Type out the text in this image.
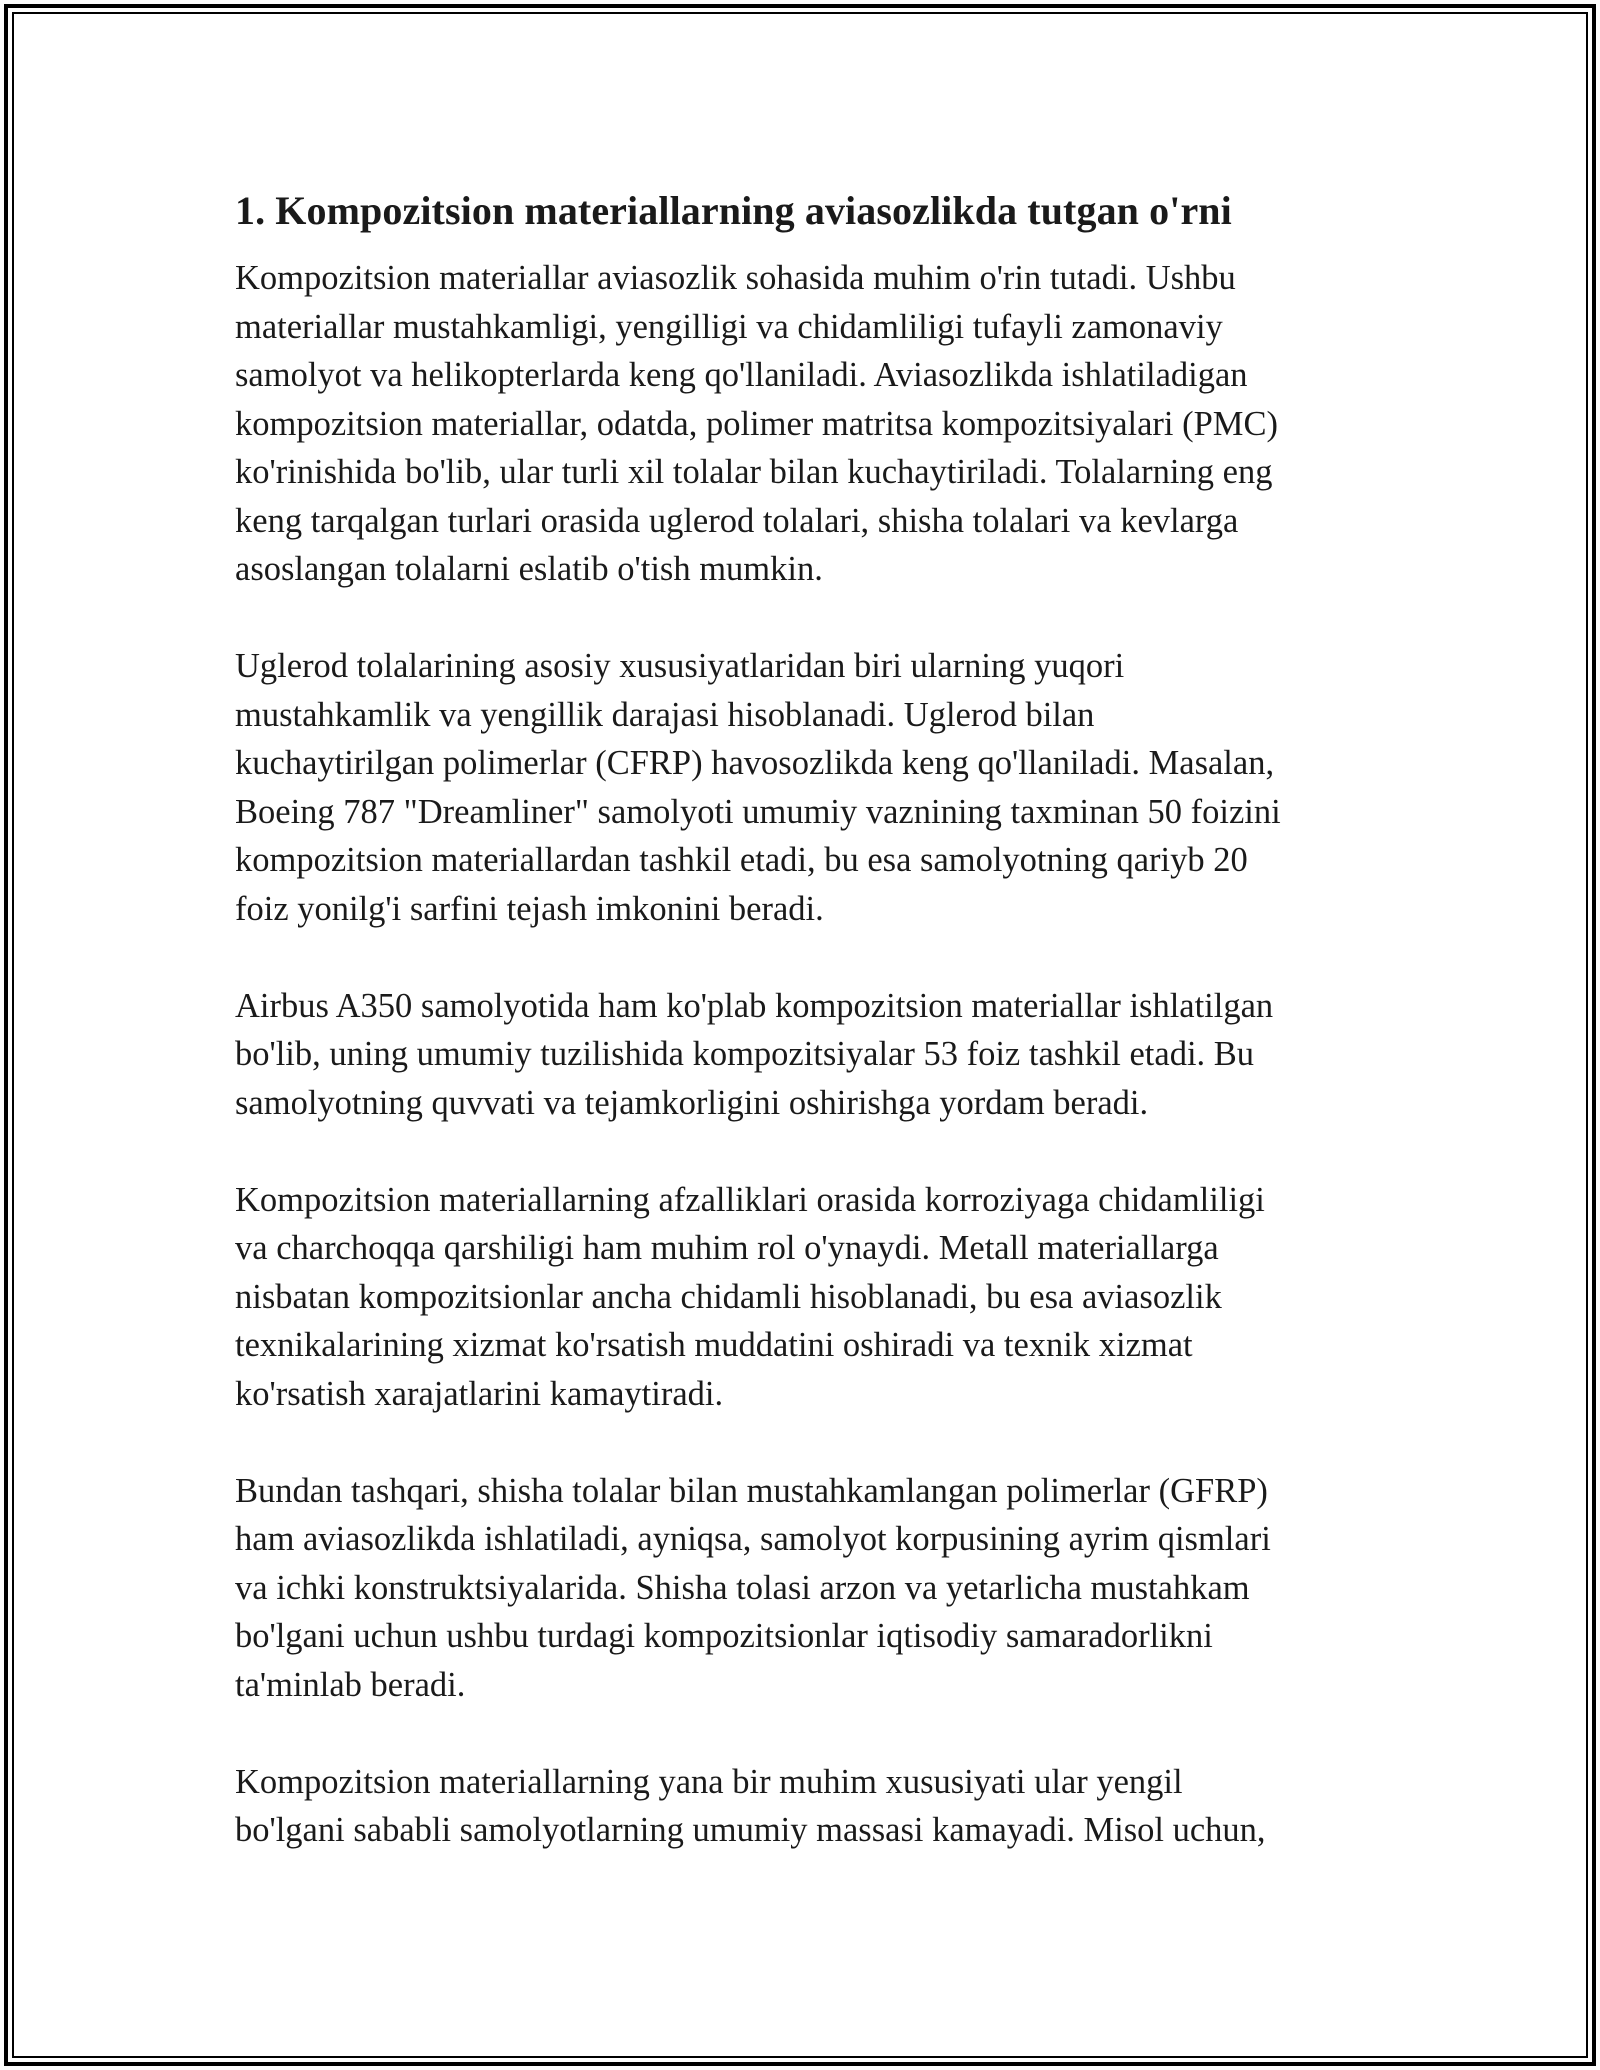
1. Kompozitsion materiallarning aviasozlikda tutgan o'rni

Kompozitsion materiallar aviasozlik sohasida muhim o'rin tutadi. Ushbu
materiallar mustahkamligi, yengilligi va chidamliligi tufayli zamonaviy
samolyot va helikopterlarda keng qo'llaniladi. Aviasozlikda ishlatiladigan
kompozitsion materiallar, odatda, polimer matritsa kompozitsiyalari (PMC)
ko'rinishida bo'lib, ular turli xil tolalar bilan kuchaytiriladi. Tolalarning eng
keng tarqalgan turlari orasida uglerod tolalari, shisha tolalari va kevlarga
asoslangan tolalarni eslatib o'tish mumkin.

Uglerod tolalarining asosiy xususiyatlaridan biri ularning yuqori
mustahkamlik va yengillik darajasi hisoblanadi. Uglerod bilan
kuchaytirilgan polimerlar (CFRP) havosozlikda keng qo'llaniladi. Masalan,
Boeing 787 "Dreamliner" samolyoti umumiy vaznining taxminan 50 foizini
kompozitsion materiallardan tashkil etadi, bu esa samolyotning qariyb 20
foiz yonilg'i sarfini tejash imkonini beradi.

Airbus A350 samolyotida ham ko'plab kompozitsion materiallar ishlatilgan
bo'lib, uning umumiy tuzilishida kompozitsiyalar 53 foiz tashkil etadi. Bu
samolyotning quvvati va tejamkorligini oshirishga yordam beradi.

Kompozitsion materiallarning afzalliklari orasida korroziyaga chidamliligi
va charchoqqa qarshiligi ham muhim rol o'ynaydi. Metall materiallarga
nisbatan kompozitsionlar ancha chidamli hisoblanadi, bu esa aviasozlik
texnikalarining xizmat ko'rsatish muddatini oshiradi va texnik xizmat
ko'rsatish xarajatlarini kamaytiradi.

Bundan tashqari, shisha tolalar bilan mustahkamlangan polimerlar (GFRP)
ham aviasozlikda ishlatiladi, ayniqsa, samolyot korpusining ayrim qismlari
va ichki konstruktsiyalarida. Shisha tolasi arzon va yetarlicha mustahkam
bo'lgani uchun ushbu turdagi kompozitsionlar iqtisodiy samaradorlikni
ta'minlab beradi.

Kompozitsion materiallarning yana bir muhim xususiyati ular yengil
bo'lgani sababli samolyotlarning umumiy massasi kamayadi. Misol uchun,
